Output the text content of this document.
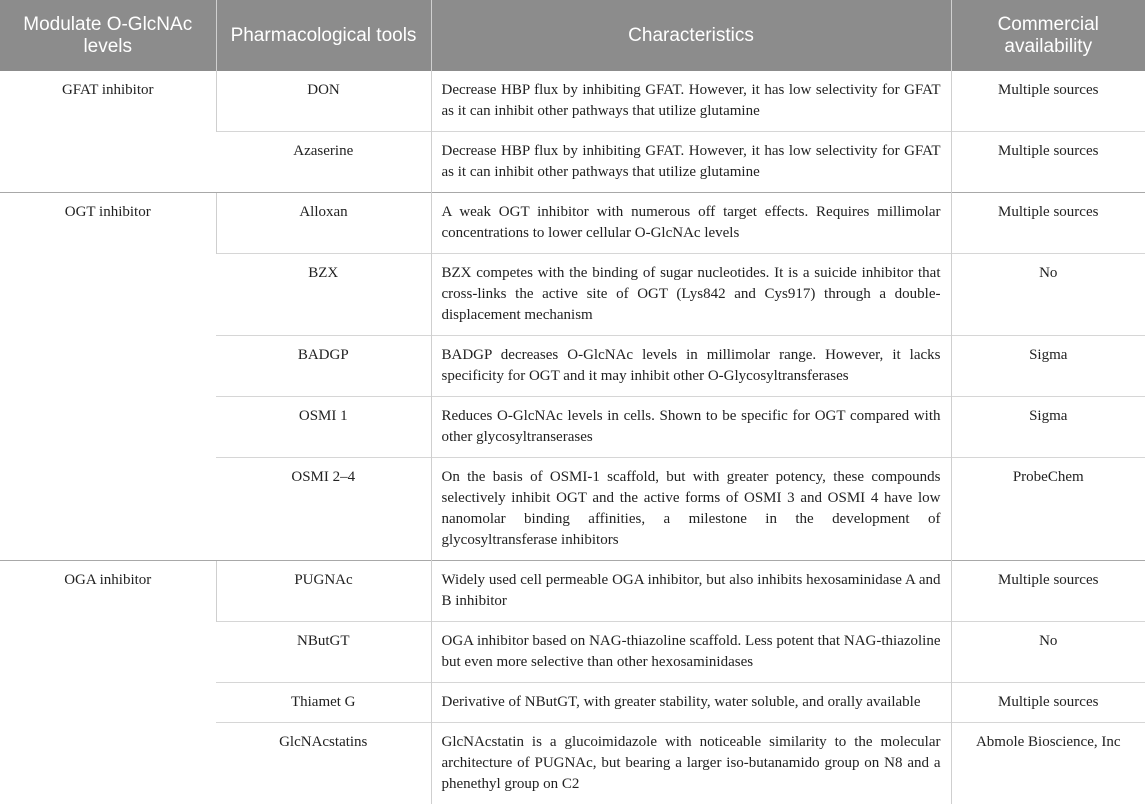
Modulate O-GlcNAc levels	Pharmacological tools	Characteristics	Commercial availability
GFAT inhibitor	DON	Decrease HBP flux by inhibiting GFAT. However, it has low selectivity for GFAT as it can inhibit other pathways that utilize glutamine	Multiple sources
	Azaserine	Decrease HBP flux by inhibiting GFAT. However, it has low selectivity for GFAT as it can inhibit other pathways that utilize glutamine	Multiple sources
OGT inhibitor	Alloxan	A weak OGT inhibitor with numerous off target effects. Requires millimolar concentrations to lower cellular O-GlcNAc levels	Multiple sources
	BZX	BZX competes with the binding of sugar nucleotides. It is a suicide inhibitor that cross-links the active site of OGT (Lys842 and Cys917) through a double-displacement mechanism	No
	BADGP	BADGP decreases O-GlcNAc levels in millimolar range. However, it lacks specificity for OGT and it may inhibit other O-Glycosyltransferases	Sigma
	OSMI 1	Reduces O-GlcNAc levels in cells. Shown to be specific for OGT compared with other glycosyltranserases	Sigma
	OSMI 2–4	On the basis of OSMI-1 scaffold, but with greater potency, these compounds selectively inhibit OGT and the active forms of OSMI 3 and OSMI 4 have low nanomolar binding affinities, a milestone in the development of glycosyltransferase inhibitors	ProbeChem
OGA inhibitor	PUGNAc	Widely used cell permeable OGA inhibitor, but also inhibits hexosaminidase A and B inhibitor	Multiple sources
	NButGT	OGA inhibitor based on NAG-thiazoline scaffold. Less potent that NAG-thiazoline but even more selective than other hexosaminidases	No
	Thiamet G	Derivative of NButGT, with greater stability, water soluble, and orally available	Multiple sources
	GlcNAcstatins	GlcNAcstatin is a glucoimidazole with noticeable similarity to the molecular architecture of PUGNAc, but bearing a larger iso-butanamido group on N8 and a phenethyl group on C2	Abmole Bioscience, Inc
